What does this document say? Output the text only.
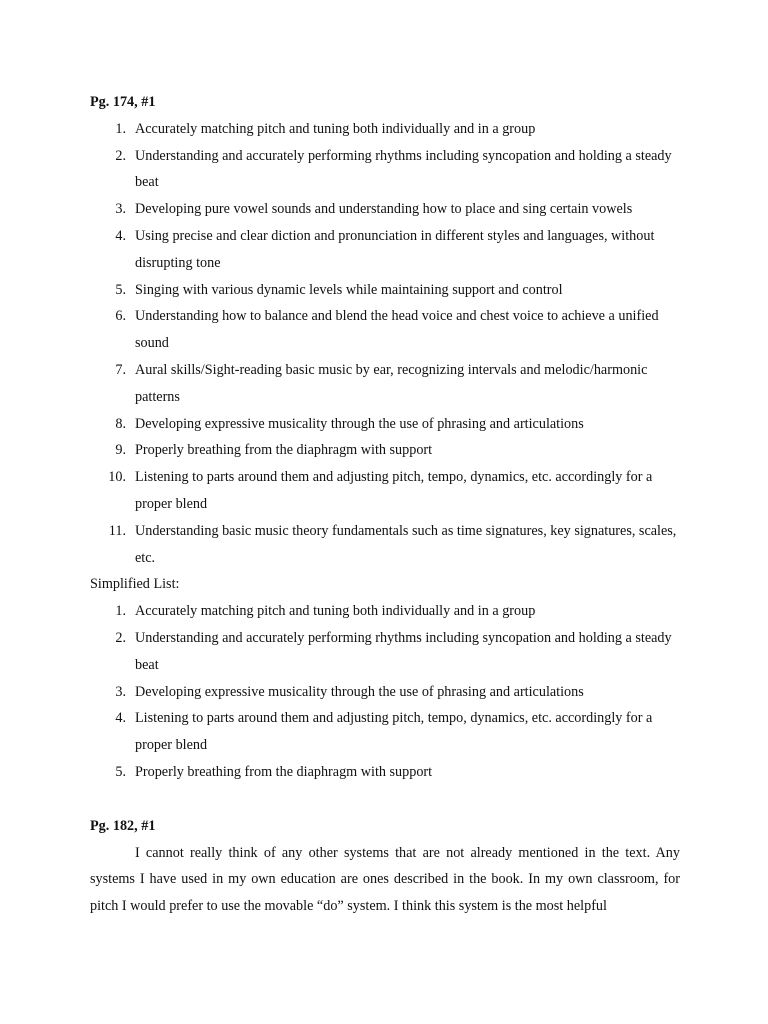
Pg. 174, #1

1. Accurately matching pitch and tuning both individually and in a group
2. Understanding and accurately performing rhythms including syncopation and holding a steady beat
3. Developing pure vowel sounds and understanding how to place and sing certain vowels
4. Using precise and clear diction and pronunciation in different styles and languages, without disrupting tone
5. Singing with various dynamic levels while maintaining support and control
6. Understanding how to balance and blend the head voice and chest voice to achieve a unified sound
7. Aural skills/Sight-reading basic music by ear, recognizing intervals and melodic/harmonic patterns
8. Developing expressive musicality through the use of phrasing and articulations
9. Properly breathing from the diaphragm with support
10. Listening to parts around them and adjusting pitch, tempo, dynamics, etc. accordingly for a proper blend
11. Understanding basic music theory fundamentals such as time signatures, key signatures, scales, etc.

Simplified List:

1. Accurately matching pitch and tuning both individually and in a group
2. Understanding and accurately performing rhythms including syncopation and holding a steady beat
3. Developing expressive musicality through the use of phrasing and articulations
4. Listening to parts around them and adjusting pitch, tempo, dynamics, etc. accordingly for a proper blend
5. Properly breathing from the diaphragm with support

Pg. 182, #1

I cannot really think of any other systems that are not already mentioned in the text. Any systems I have used in my own education are ones described in the book. In my own classroom, for pitch I would prefer to use the movable “do” system. I think this system is the most helpful
